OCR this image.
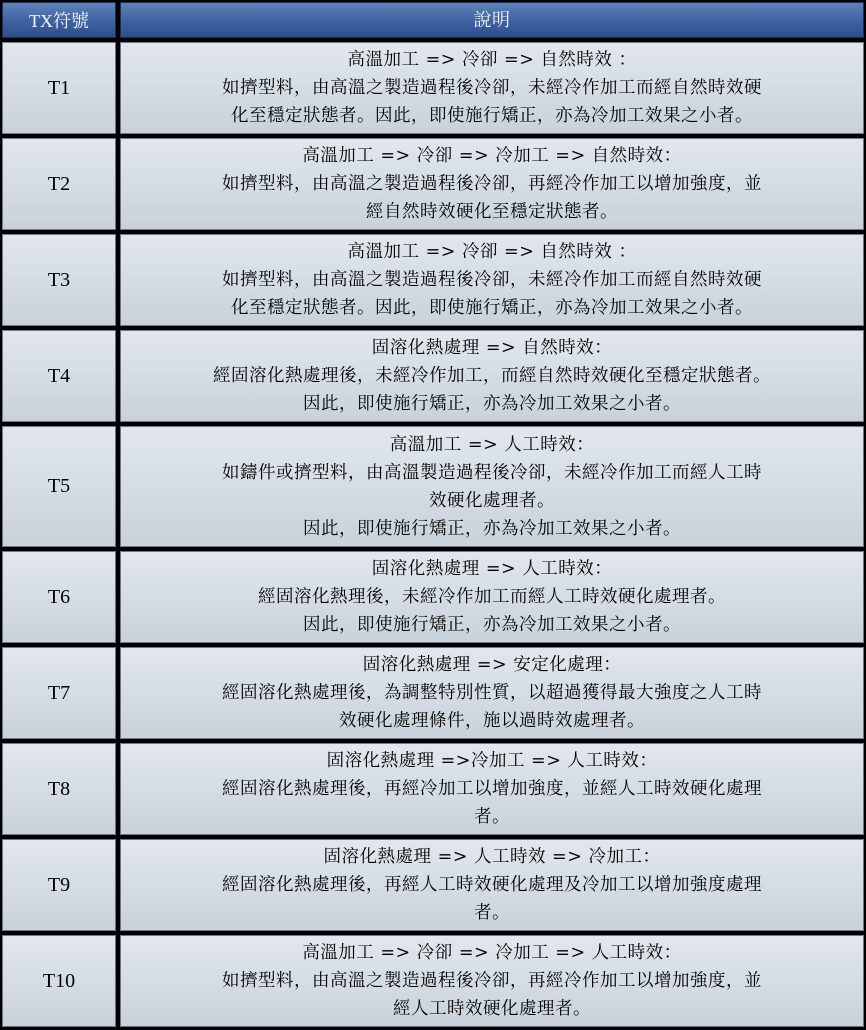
TX符號	說明
T1
高溫加工 => 冷卻 => 自然時效 ：
如擠型料，由高溫之製造過程後冷卻，未經冷作加工而經自然時效硬
化至穩定狀態者。因此，即使施行矯正，亦為冷加工效果之小者。
T2
高溫加工 => 冷卻 => 冷加工 => 自然時效：
如擠型料，由高溫之製造過程後冷卻，再經冷作加工以增加強度，並
經自然時效硬化至穩定狀態者。
T3
高溫加工 => 冷卻 => 自然時效 ：
如擠型料，由高溫之製造過程後冷卻，未經冷作加工而經自然時效硬
化至穩定狀態者。因此，即使施行矯正，亦為冷加工效果之小者。
T4
固溶化熱處理 => 自然時效：
經固溶化熱處理後，未經冷作加工，而經自然時效硬化至穩定狀態者。
因此，即使施行矯正，亦為冷加工效果之小者。
T5
高溫加工 => 人工時效：
如鑄件或擠型料，由高溫製造過程後冷卻，未經冷作加工而經人工時
效硬化處理者。
因此，即使施行矯正，亦為冷加工效果之小者。
T6
固溶化熱處理 => 人工時效：
經固溶化熱理後，未經冷作加工而經人工時效硬化處理者。
因此，即使施行矯正，亦為冷加工效果之小者。
T7
固溶化熱處理 => 安定化處理：
經固溶化熱處理後，為調整特別性質，以超過獲得最大強度之人工時
效硬化處理條件，施以過時效處理者。
T8
固溶化熱處理 =>冷加工 => 人工時效：
經固溶化熱處理後，再經冷加工以增加強度，並經人工時效硬化處理
者。
T9
固溶化熱處理 => 人工時效 => 冷加工：
經固溶化熱處理後，再經人工時效硬化處理及冷加工以增加強度處理
者。
T10
高溫加工 => 冷卻 => 冷加工 => 人工時效：
如擠型料，由高溫之製造過程後冷卻，再經冷作加工以增加強度，並
經人工時效硬化處理者。
